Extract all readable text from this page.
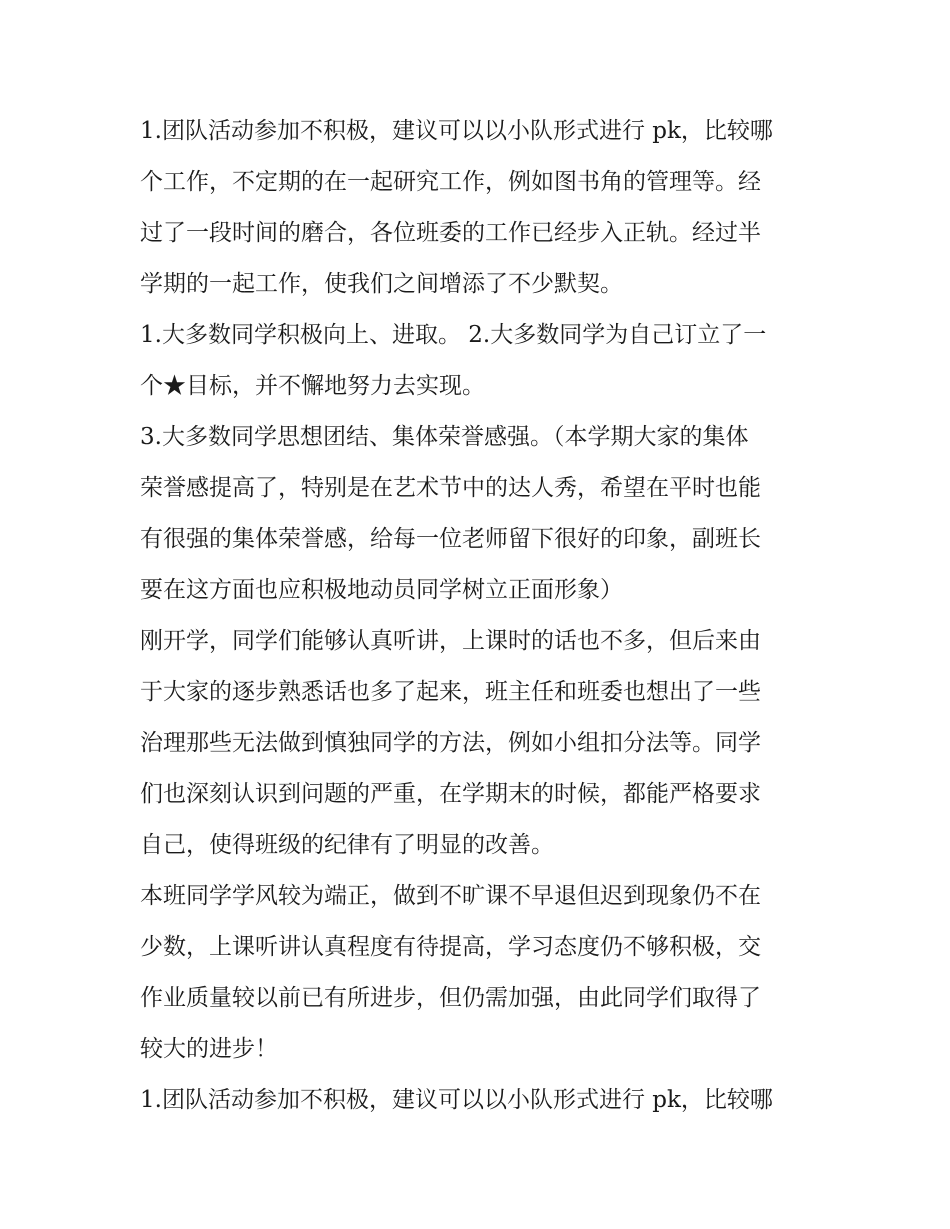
1.团队活动参加不积极，建议可以以小队形式进行 pk，比较哪
个工作，不定期的在一起研究工作，例如图书角的管理等。经
过了一段时间的磨合，各位班委的工作已经步入正轨。经过半
学期的一起工作，使我们之间增添了不少默契。
1.大多数同学积极向上、进取。 2.大多数同学为自己订立了一
个★目标，并不懈地努力去实现。
3.大多数同学思想团结、集体荣誉感强。（本学期大家的集体
荣誉感提高了，特别是在艺术节中的达人秀，希望在平时也能
有很强的集体荣誉感，给每一位老师留下很好的印象，副班长
要在这方面也应积极地动员同学树立正面形象）
刚开学，同学们能够认真听讲，上课时的话也不多，但后来由
于大家的逐步熟悉话也多了起来，班主任和班委也想出了一些
治理那些无法做到慎独同学的方法，例如小组扣分法等。同学
们也深刻认识到问题的严重，在学期末的时候，都能严格要求
自己，使得班级的纪律有了明显的改善。
本班同学学风较为端正，做到不旷课不早退但迟到现象仍不在
少数，上课听讲认真程度有待提高，学习态度仍不够积极，交
作业质量较以前已有所进步，但仍需加强，由此同学们取得了
较大的进步！
1.团队活动参加不积极，建议可以以小队形式进行 pk，比较哪
